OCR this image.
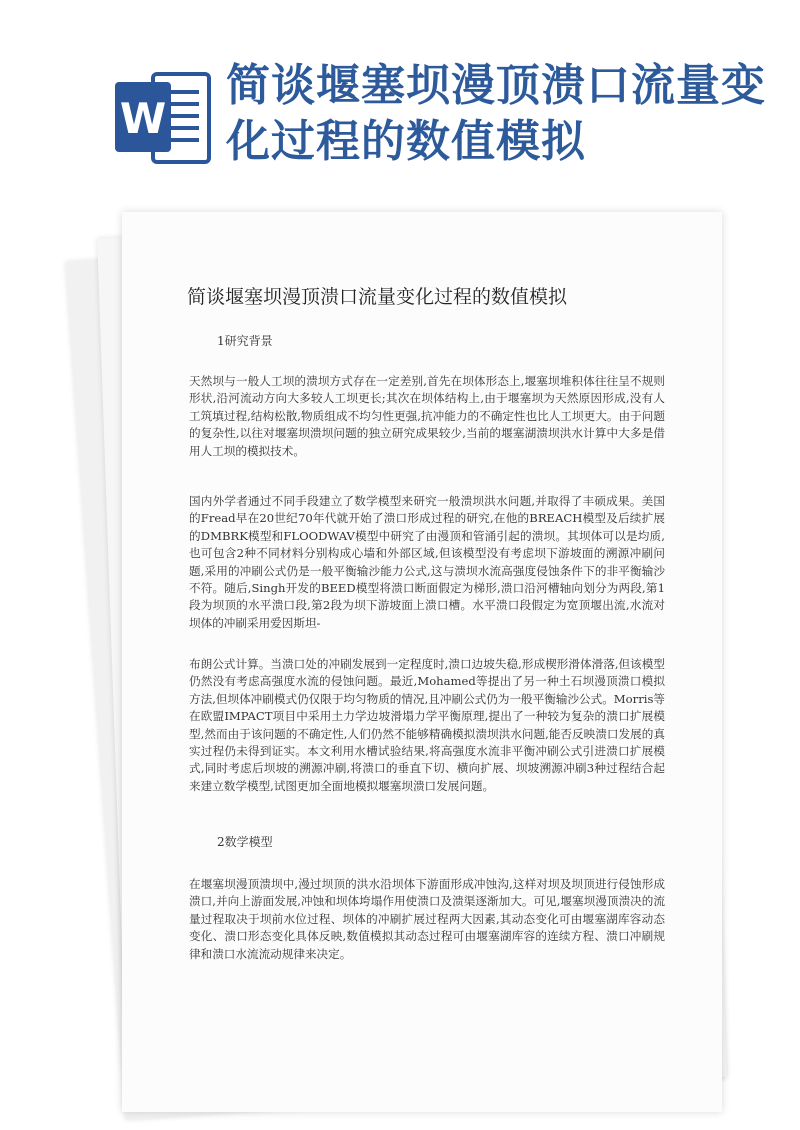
W
简谈堰塞坝漫顶溃口流量变化过程的数值模拟
简谈堰塞坝漫顶溃口流量变化过程的数值模拟
1研究背景
天然坝与一般人工坝的溃坝方式存在一定差别,首先在坝体形态上,堰塞坝堆积体往往呈不规则形状,沿河流动方向大多较人工坝更长;其次在坝体结构上,由于堰塞坝为天然原因形成,没有人工筑填过程,结构松散,物质组成不均匀性更强,抗冲能力的不确定性也比人工坝更大。由于问题的复杂性,以往对堰塞坝溃坝问题的独立研究成果较少,当前的堰塞湖溃坝洪水计算中大多是借用人工坝的模拟技术。
国内外学者通过不同手段建立了数学模型来研究一般溃坝洪水问题,并取得了丰硕成果。美国的Fread早在20世纪70年代就开始了溃口形成过程的研究,在他的BREACH模型及后续扩展的DMBRK模型和FLOODWAV模型中研究了由漫顶和管涌引起的溃坝。其坝体可以是均质,也可包含2种不同材料分别构成心墙和外部区域,但该模型没有考虑坝下游坡面的溯源冲刷问题,采用的冲刷公式仍是一般平衡输沙能力公式,这与溃坝水流高强度侵蚀条件下的非平衡输沙不符。随后,Singh开发的BEED模型将溃口断面假定为梯形,溃口沿河槽轴向划分为两段,第1段为坝顶的水平溃口段,第2段为坝下游坡面上溃口槽。水平溃口段假定为宽顶堰出流,水流对坝体的冲刷采用爱因斯坦-
布朗公式计算。当溃口处的冲刷发展到一定程度时,溃口边坡失稳,形成楔形滑体滑落,但该模型仍然没有考虑高强度水流的侵蚀问题。最近,Mohamed等提出了另一种土石坝漫顶溃口模拟方法,但坝体冲刷模式仍仅限于均匀物质的情况,且冲刷公式仍为一般平衡输沙公式。Morris等在欧盟IMPACT项目中采用土力学边坡滑塌力学平衡原理,提出了一种较为复杂的溃口扩展模型,然而由于该问题的不确定性,人们仍然不能够精确模拟溃坝洪水问题,能否反映溃口发展的真实过程仍未得到证实。本文利用水槽试验结果,将高强度水流非平衡冲刷公式引进溃口扩展模式,同时考虑后坝坡的溯源冲刷,将溃口的垂直下切、横向扩展、坝坡溯源冲刷3种过程结合起来建立数学模型,试图更加全面地模拟堰塞坝溃口发展问题。
2数学模型
在堰塞坝漫顶溃坝中,漫过坝顶的洪水沿坝体下游面形成冲蚀沟,这样对坝及坝顶进行侵蚀形成溃口,并向上游面发展,冲蚀和坝体垮塌作用使溃口及溃渠逐渐加大。可见,堰塞坝漫顶溃决的流量过程取决于坝前水位过程、坝体的冲刷扩展过程两大因素,其动态变化可由堰塞湖库容动态变化、溃口形态变化具体反映,数值模拟其动态过程可由堰塞湖库容的连续方程、溃口冲刷规律和溃口水流流动规律来决定。
